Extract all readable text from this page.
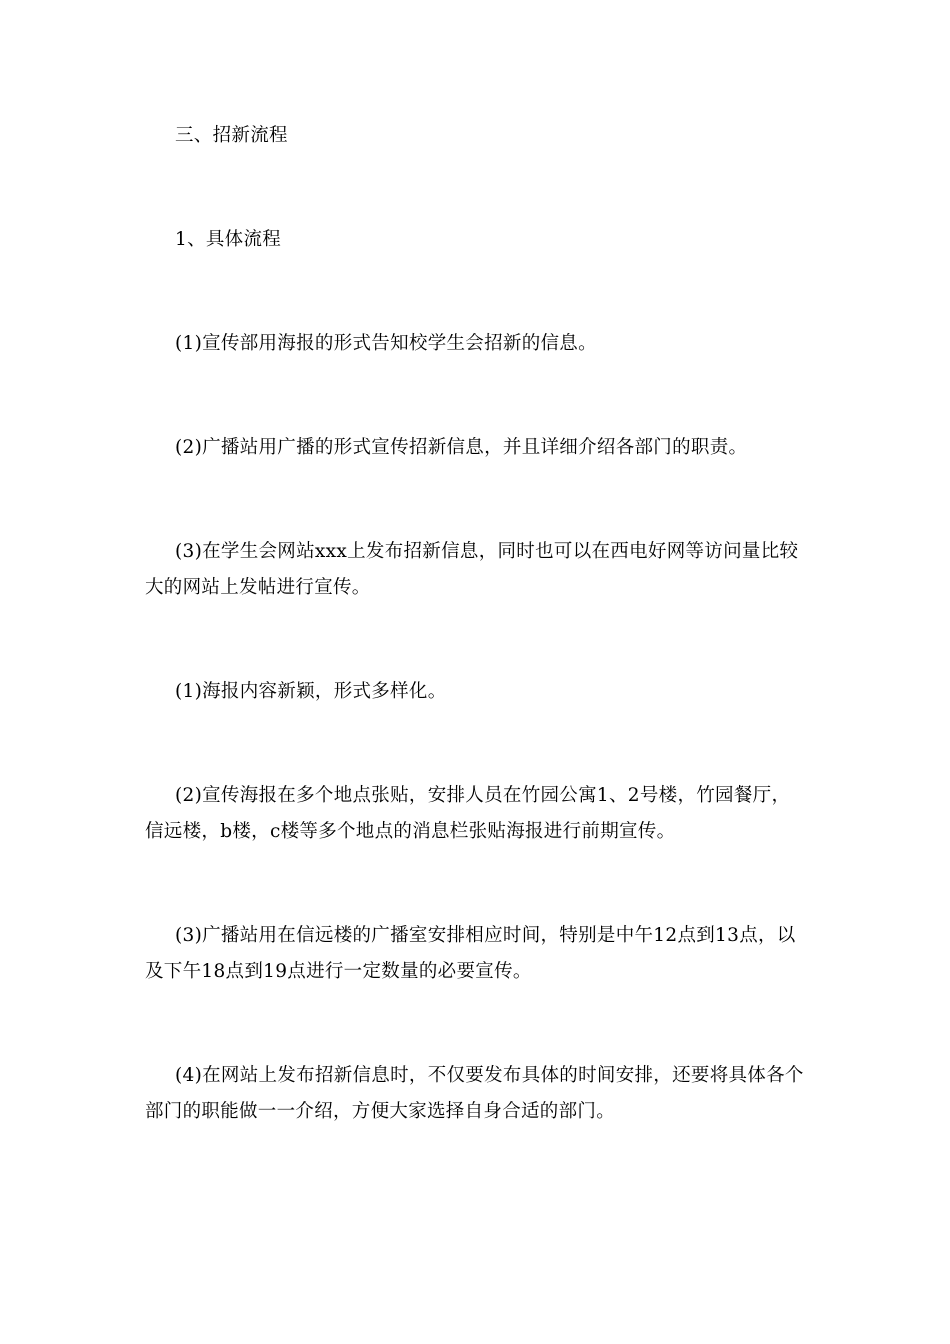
三、招新流程

1、具体流程

(1)宣传部用海报的形式告知校学生会招新的信息。

(2)广播站用广播的形式宣传招新信息，并且详细介绍各部门的职责。

(3)在学生会网站xxx上发布招新信息，同时也可以在西电好网等访问量比较大的网站上发帖进行宣传。

(1)海报内容新颖，形式多样化。

(2)宣传海报在多个地点张贴，安排人员在竹园公寓1、2号楼，竹园餐厅，信远楼，b楼，c楼等多个地点的消息栏张贴海报进行前期宣传。

(3)广播站用在信远楼的广播室安排相应时间，特别是中午12点到13点，以及下午18点到19点进行一定数量的必要宣传。

(4)在网站上发布招新信息时，不仅要发布具体的时间安排，还要将具体各个部门的职能做一一介绍，方便大家选择自身合适的部门。
